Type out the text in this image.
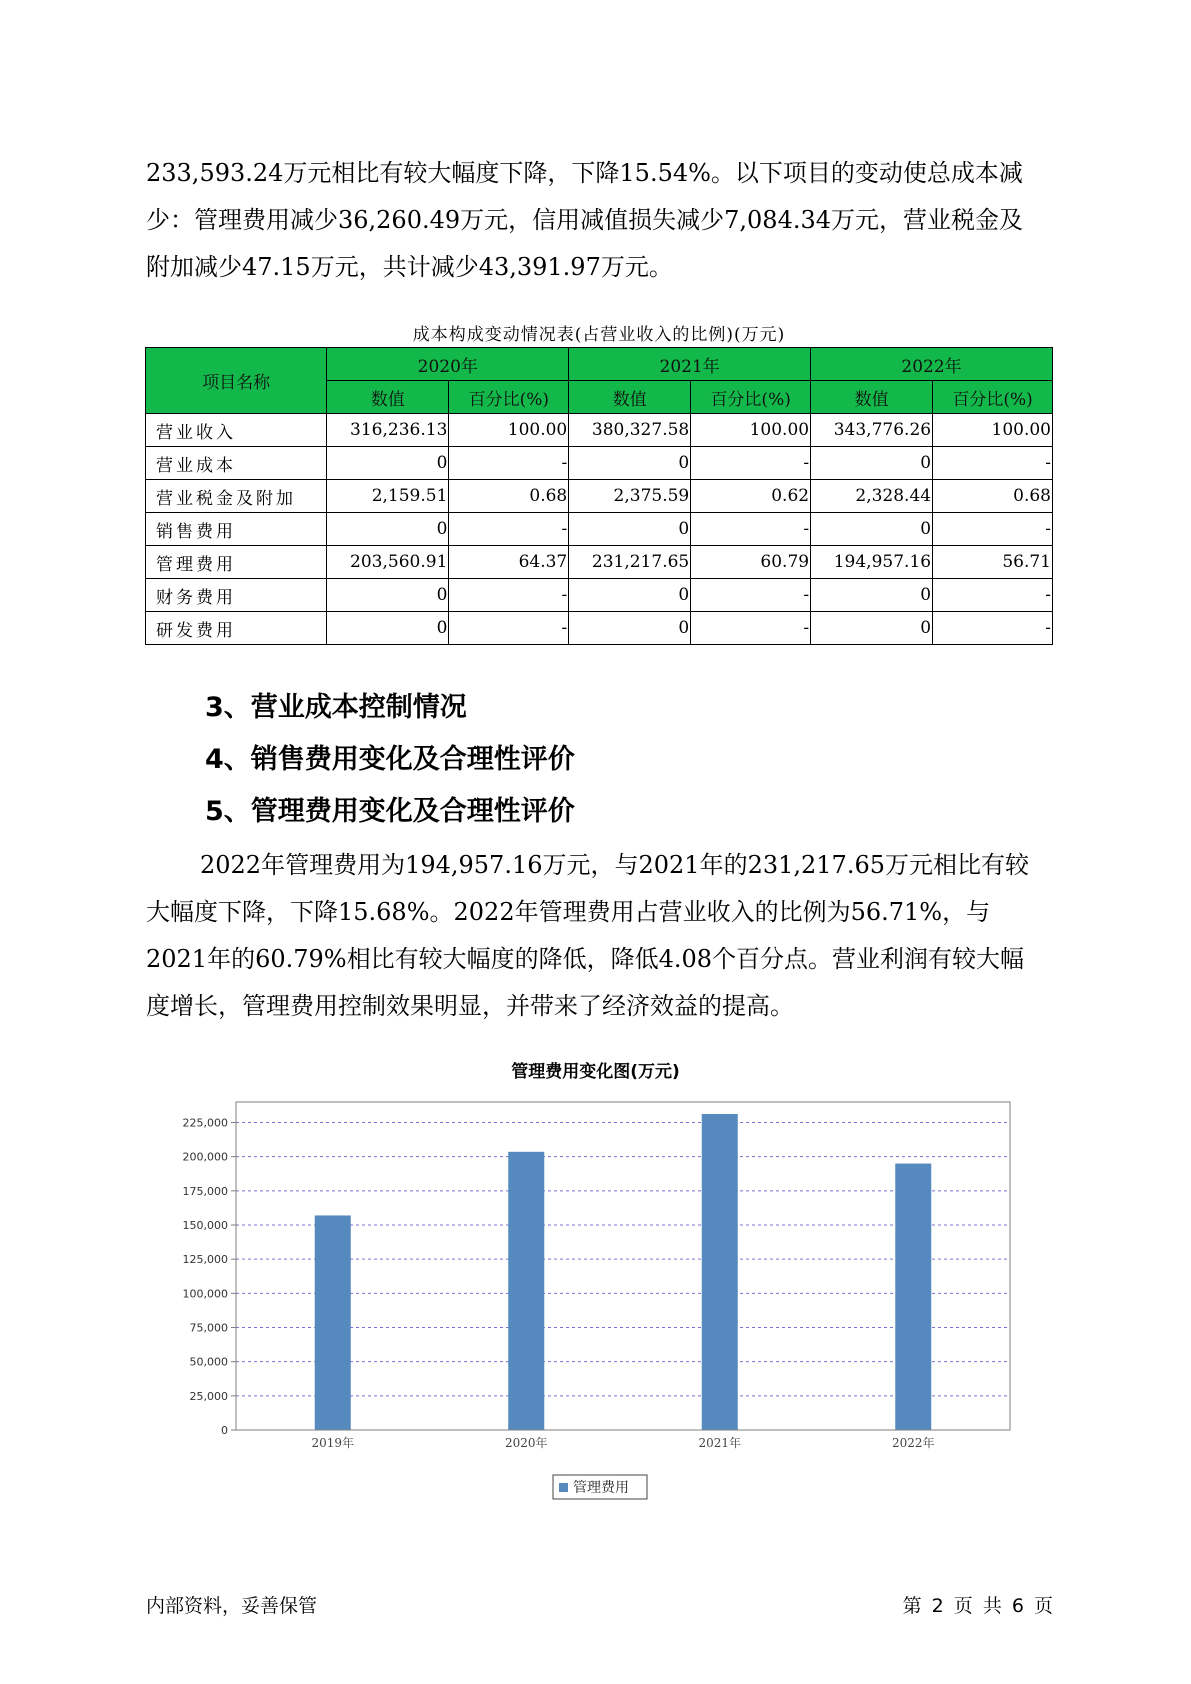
233,593.24万元相比有较大幅度下降，下降15.54%。以下项目的变动使总成本减少：管理费用减少36,260.49万元，信用减值损失减少7,084.34万元，营业税金及附加减少47.15万元，共计减少43,391.97万元。

成本构成变动情况表(占营业收入的比例)(万元)
项目名称	2020年		2021年		2022年	
	数值	百分比(%)	数值	百分比(%)	数值	百分比(%)
营业收入	316,236.13	100.00	380,327.58	100.00	343,776.26	100.00
营业成本	0	-	0	-	0	-
营业税金及附加	2,159.51	0.68	2,375.59	0.62	2,328.44	0.68
销售费用	0	-	0	-	0	-
管理费用	203,560.91	64.37	231,217.65	60.79	194,957.16	56.71
财务费用	0	-	0	-	0	-
研发费用	0	-	0	-	0	-
3、营业成本控制情况
4、销售费用变化及合理性评价
5、管理费用变化及合理性评价

2022年管理费用为194,957.16万元，与2021年的231,217.65万元相比有较大幅度下降，下降15.68%。2022年管理费用占营业收入的比例为56.71%，与2021年的60.79%相比有较大幅度的降低，降低4.08个百分点。营业利润有较大幅度增长，管理费用控制效果明显，并带来了经济效益的提高。

管理费用变化图(万元)
0
25,000
50,000
75,000
100,000
125,000
150,000
175,000
200,000
225,000
2019年	2020年	2021年	2022年
管理费用
内部资料，妥善保管	第 2 页 共 6 页
